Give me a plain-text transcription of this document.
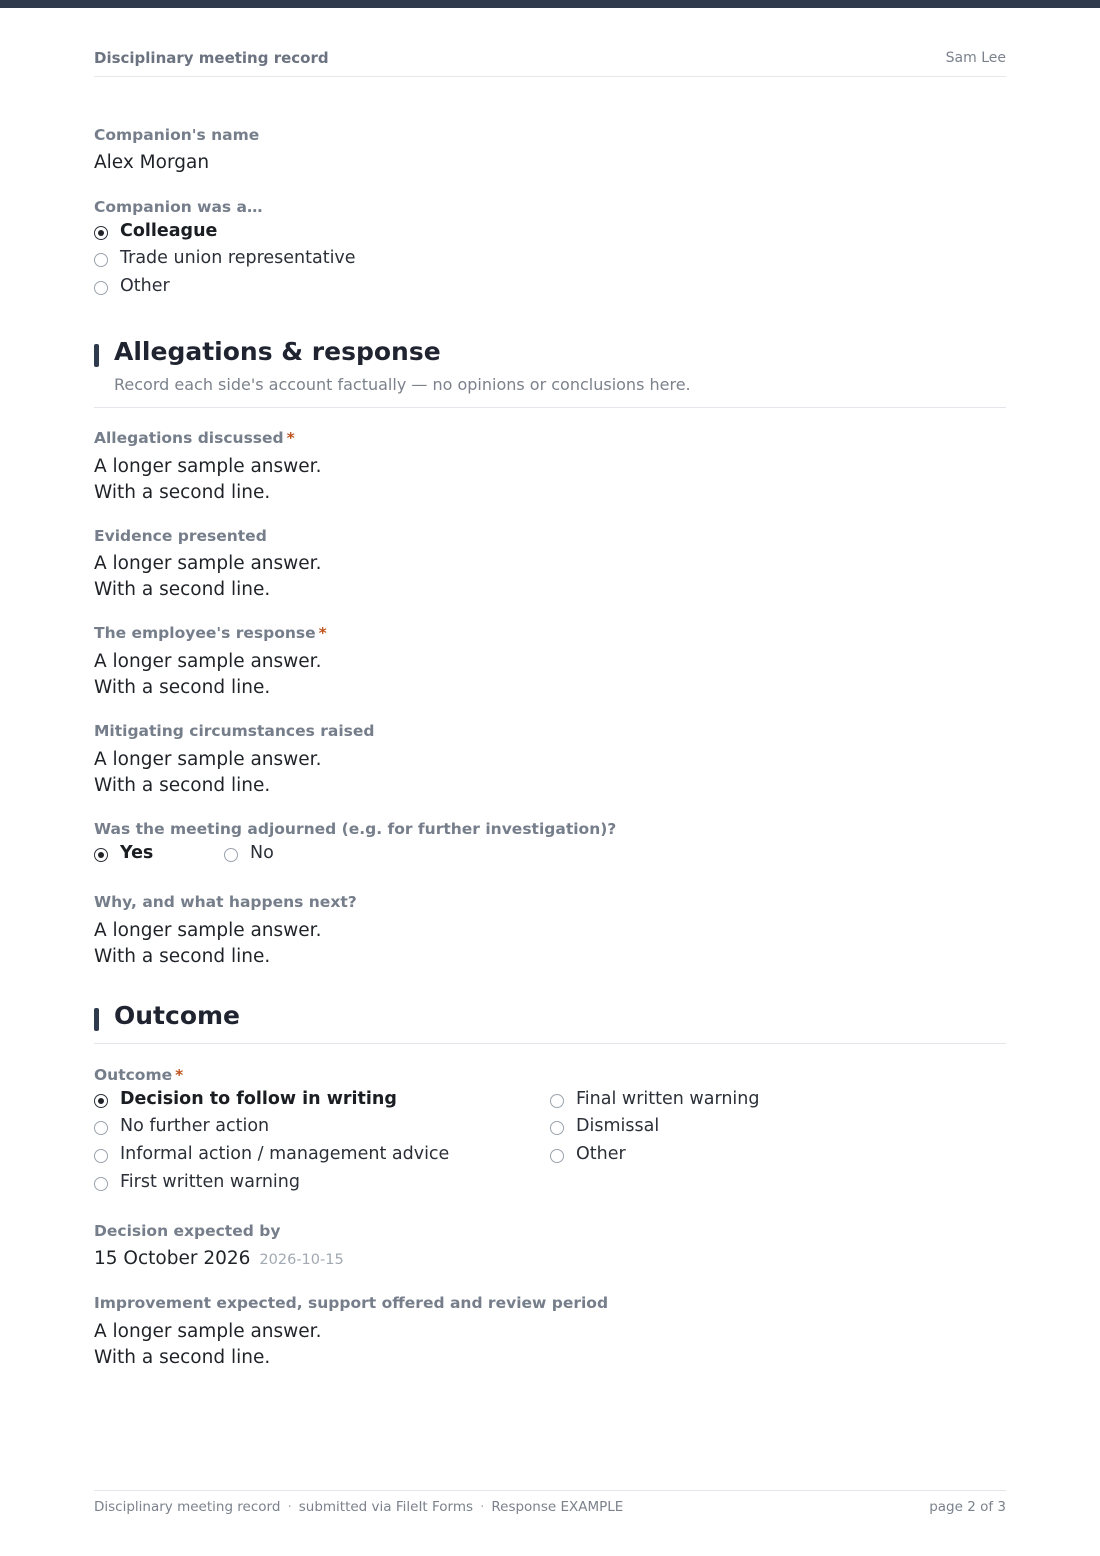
Disciplinary meeting record	Sam Lee
Companion's name
Alex Morgan
Companion was a…
Colleague
Trade union representative
Other
Allegations & response
Record each side's account factually — no opinions or conclusions here.
Allegations discussed *
A longer sample answer.
With a second line.
Evidence presented
A longer sample answer.
With a second line.
The employee's response *
A longer sample answer.
With a second line.
Mitigating circumstances raised
A longer sample answer.
With a second line.
Was the meeting adjourned (e.g. for further investigation)?
Yes	No
Why, and what happens next?
A longer sample answer.
With a second line.
Outcome
Outcome *
Decision to follow in writing
No further action
Informal action / management advice
First written warning
Final written warning
Dismissal
Other
Decision expected by
15 October 2026 2026-10-15
Improvement expected, support offered and review period
A longer sample answer.
With a second line.
Disciplinary meeting record · submitted via FileIt Forms · Response EXAMPLE	page 2 of 3
